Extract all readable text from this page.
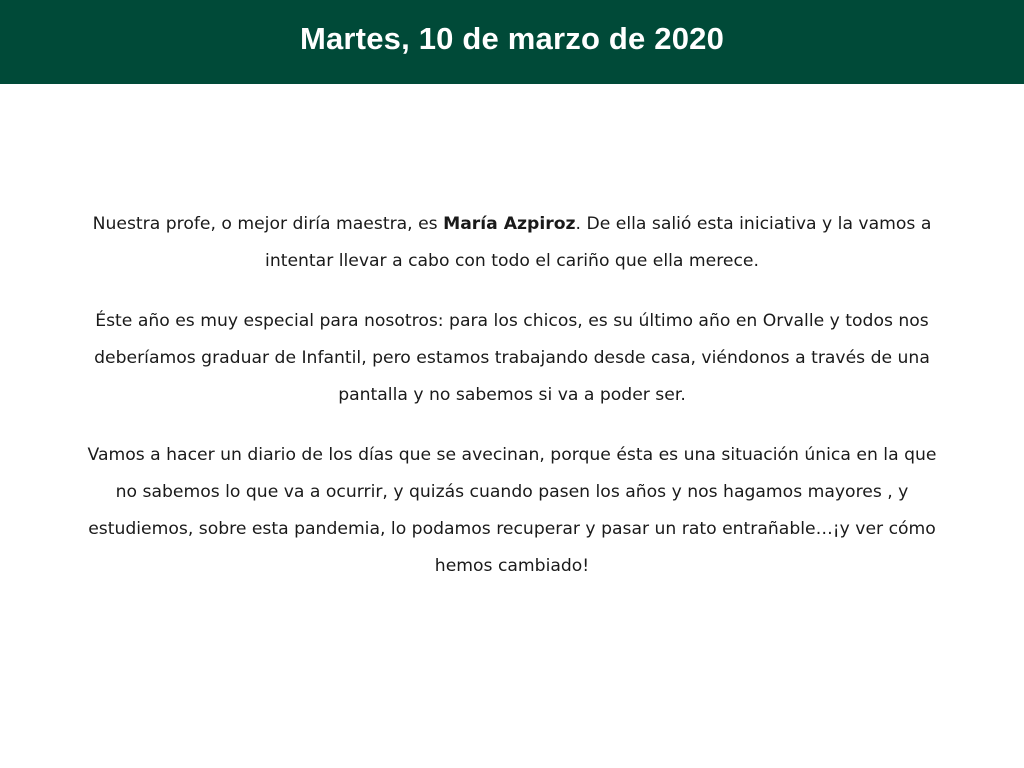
Martes, 10 de marzo de 2020

Nuestra profe, o mejor diría maestra, es María Azpiroz. De ella salió esta iniciativa y la vamos a intentar llevar a cabo con todo el cariño que ella merece.

Éste año es muy especial para nosotros: para los chicos, es su último año en Orvalle y todos nos deberíamos graduar de Infantil, pero estamos trabajando desde casa, viéndonos a través de una pantalla y no sabemos si va a poder ser.

Vamos a hacer un diario de los días que se avecinan, porque ésta es una situación única en la que no sabemos lo que va a ocurrir, y quizás cuando pasen los años y nos hagamos mayores , y estudiemos, sobre esta pandemia, lo podamos recuperar y pasar un rato entrañable…¡y ver cómo hemos cambiado!
